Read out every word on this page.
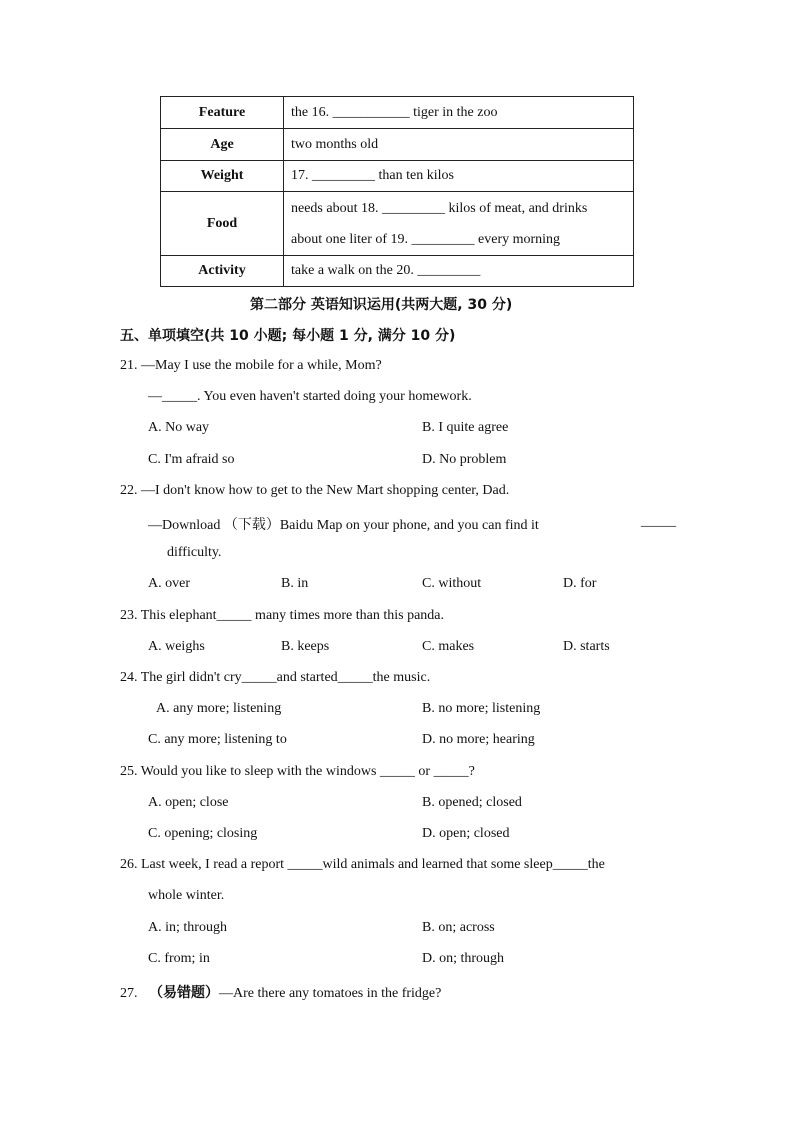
Feature	the 16. ___________ tiger in the zoo
Age	two months old
Weight	17. _________ than ten kilos
Food	needs about 18. _________ kilos of meat, and drinks
about one liter of 19. _________ every morning

Activity	take a walk on the 20. _________
第二部分 英语知识运用(共两大题, 30 分)
五、单项填空(共 10 小题; 每小题 1 分, 满分 10 分)
21. —May I use the mobile for a while, Mom?
—_____. You even haven't started doing your homework.
A. No way	B. I quite agree
C. I'm afraid so	D. No problem
22. —I don't know how to get to the New Mart shopping center, Dad.
—Download （下载）Baidu Map on your phone, and you can find it	_____
difficulty.
A. over	B. in	C. without	D. for
23. This elephant_____ many times more than this panda.
A. weighs	B. keeps	C. makes	D. starts
24. The girl didn't cry_____and started_____the music.
A. any more; listening	B. no more; listening
C. any more; listening to	D. no more; hearing
25. Would you like to sleep with the windows _____ or _____?
A. open; close	B. opened; closed
C. opening; closing	D. open; closed
26. Last week, I read a report _____wild animals and learned that some sleep_____the
whole winter.
A. in; through	B. on; across
C. from; in	D. on; through
27. （易错题）—Are there any tomatoes in the fridge?
